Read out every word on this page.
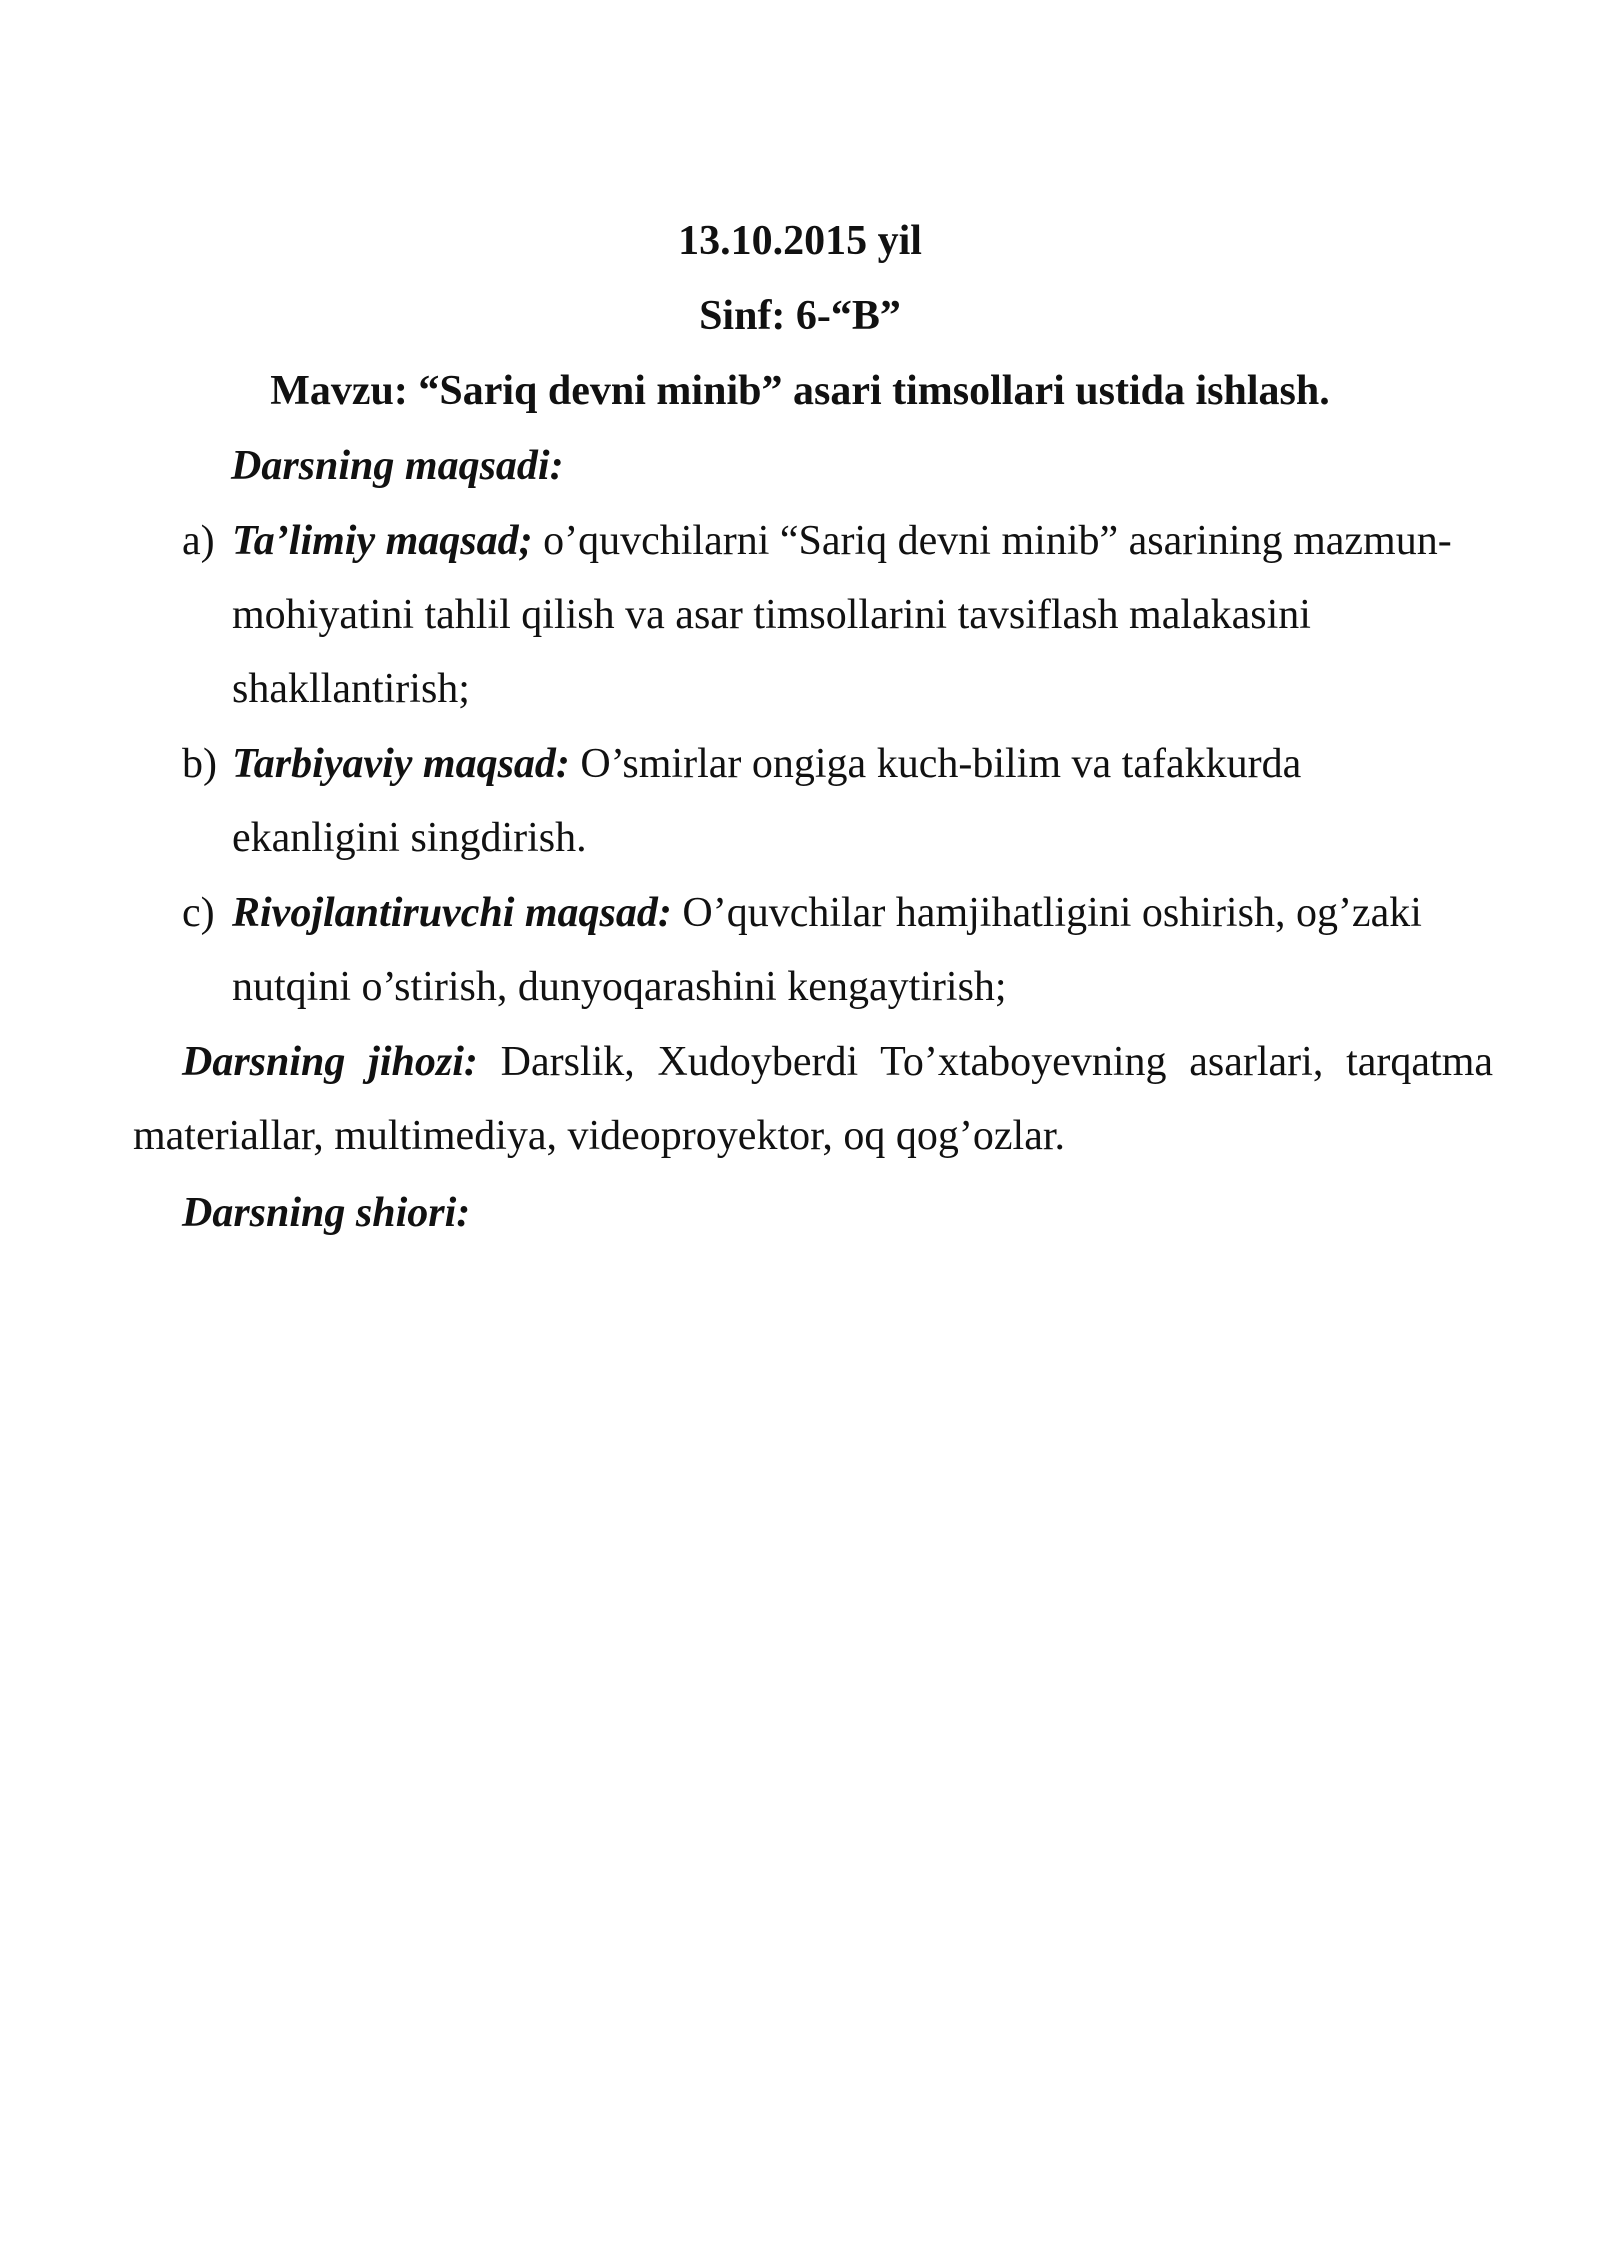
13.10.2015 yil
Sinf: 6-“B”
Mavzu: “Sariq devni minib” asari timsollari ustida ishlash.
Darsning maqsadi:
a) Ta’limiy maqsad; o’quvchilarni “Sariq devni minib” asarining mazmun-
mohiyatini tahlil qilish va asar timsollarini tavsiflash malakasini
shakllantirish;
b) Tarbiyaviy maqsad: O’smirlar ongiga kuch-bilim va tafakkurda
ekanligini singdirish.
c) Rivojlantiruvchi maqsad: O’quvchilar hamjihatligini oshirish, og’zaki
nutqini o’stirish, dunyoqarashini kengaytirish;
Darsning jihozi: Darslik, Xudoyberdi To’xtaboyevning asarlari, tarqatma materiallar, multimediya, videoproyektor, oq qog’ozlar.
Darsning shiori:
